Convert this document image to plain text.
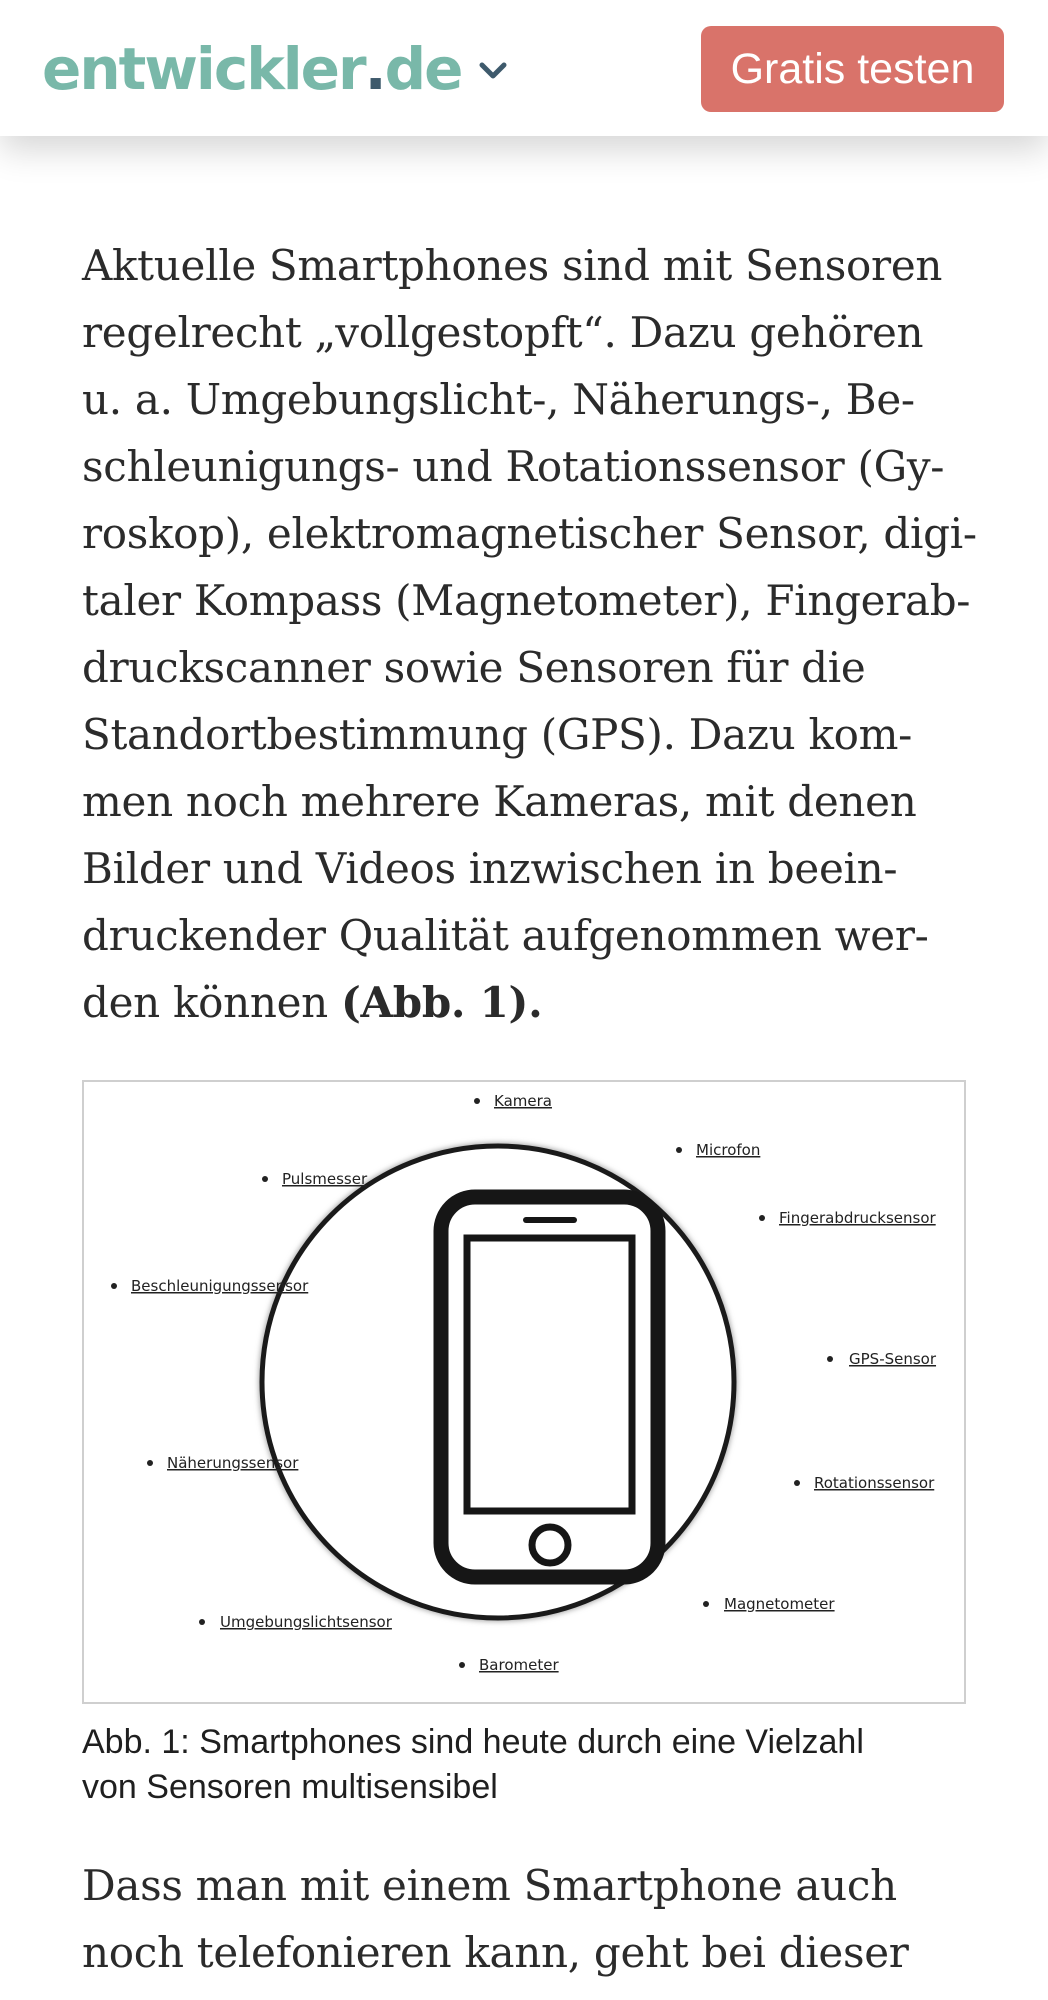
entwickler . de	Gratis testen

Aktuelle Smartphones sind mit Sensoren
regelrecht „vollgestopft“. Dazu gehören
u. a. Umgebungslicht-, Näherungs-, Be-
schleunigungs- und Rotationssensor (Gy-
roskop), elektromagnetischer Sensor, digi-
taler Kompass (Magnetometer), Fingerab-
druckscanner sowie Sensoren für die
Standortbestimmung (GPS). Dazu kom-
men noch mehrere Kameras, mit denen
Bilder und Videos inzwischen in beein-
druckender Qualität aufgenommen wer-
den können (Abb. 1).

Kamera
Microfon
Pulsmesser
Fingerabdrucksensor
Beschleunigungssensor
GPS-Sensor
Näherungssensor
Rotationssensor
Magnetometer
Umgebungslichtsensor
Barometer
Abb. 1: Smartphones sind heute durch eine Vielzahl
von Sensoren multisensibel

Dass man mit einem Smartphone auch
noch telefonieren kann, geht bei dieser
